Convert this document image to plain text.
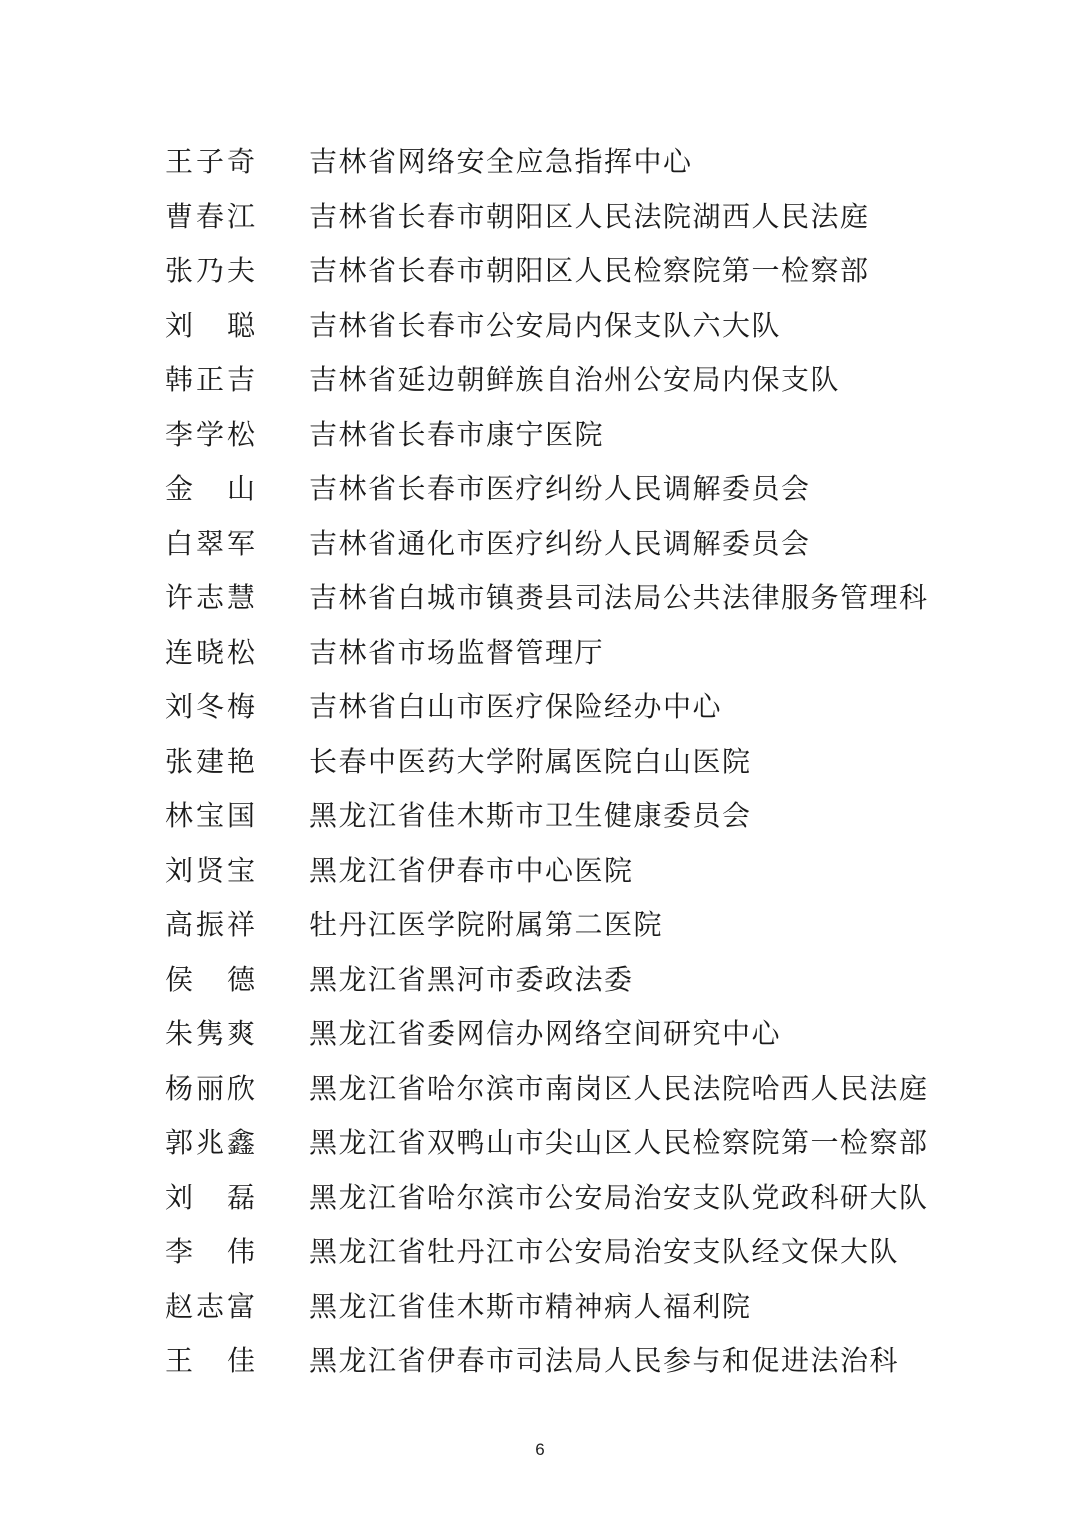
王子奇 吉林省网络安全应急指挥中心
曹春江 吉林省长春市朝阳区人民法院湖西人民法庭
张乃夫 吉林省长春市朝阳区人民检察院第一检察部
刘 聪 吉林省长春市公安局内保支队六大队
韩正吉 吉林省延边朝鲜族自治州公安局内保支队
李学松 吉林省长春市康宁医院
金 山 吉林省长春市医疗纠纷人民调解委员会
白翠军 吉林省通化市医疗纠纷人民调解委员会
许志慧 吉林省白城市镇赉县司法局公共法律服务管理科
连晓松 吉林省市场监督管理厅
刘冬梅 吉林省白山市医疗保险经办中心
张建艳 长春中医药大学附属医院白山医院
林宝国 黑龙江省佳木斯市卫生健康委员会
刘贤宝 黑龙江省伊春市中心医院
高振祥 牡丹江医学院附属第二医院
侯 德 黑龙江省黑河市委政法委
朱隽爽 黑龙江省委网信办网络空间研究中心
杨丽欣 黑龙江省哈尔滨市南岗区人民法院哈西人民法庭
郭兆鑫 黑龙江省双鸭山市尖山区人民检察院第一检察部
刘 磊 黑龙江省哈尔滨市公安局治安支队党政科研大队
李 伟 黑龙江省牡丹江市公安局治安支队经文保大队
赵志富 黑龙江省佳木斯市精神病人福利院
王 佳 黑龙江省伊春市司法局人民参与和促进法治科
6
